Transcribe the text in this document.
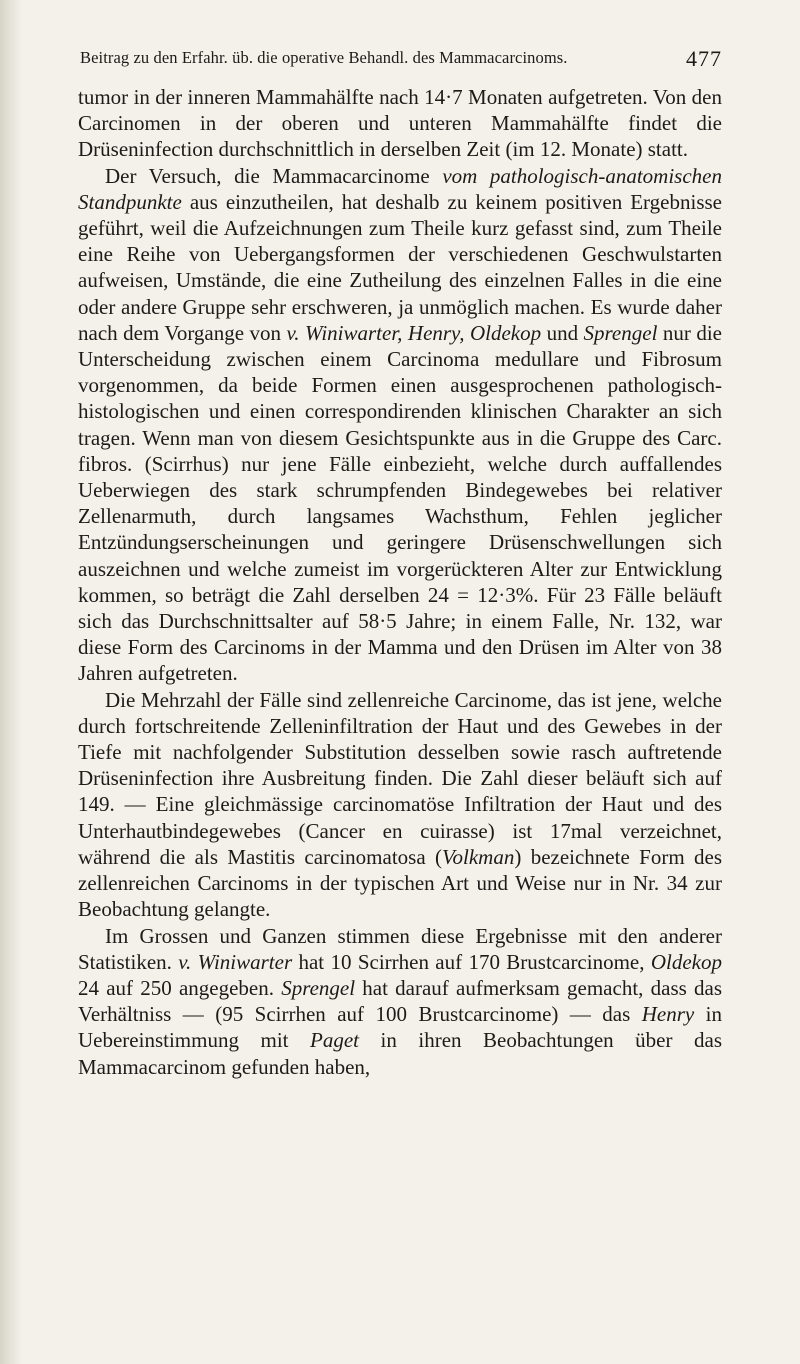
Beitrag zu den Erfahr. üb. die operative Behandl. des Mammacarcinoms.	477

tumor in der inneren Mammahälfte nach 14·7 Monaten aufgetreten. Von den Carcinomen in der oberen und unteren Mammahälfte findet die Drüseninfection durchschnittlich in derselben Zeit (im 12. Monate) statt.

Der Versuch, die Mammacarcinome vom pathologisch-anatomischen Standpunkte aus einzutheilen, hat deshalb zu keinem positiven Ergebnisse geführt, weil die Aufzeichnungen zum Theile kurz gefasst sind, zum Theile eine Reihe von Uebergangsformen der verschiedenen Geschwulstarten aufweisen, Umstände, die eine Zutheilung des einzelnen Falles in die eine oder andere Gruppe sehr erschweren, ja unmöglich machen. Es wurde daher nach dem Vorgange von v. Winiwarter, Henry, Oldekop und Sprengel nur die Unterscheidung zwischen einem Carcinoma medullare und Fibrosum vorgenommen, da beide Formen einen ausgesprochenen pathologisch-histologischen und einen correspondirenden klinischen Charakter an sich tragen. Wenn man von diesem Gesichtspunkte aus in die Gruppe des Carc. fibros. (Scirrhus) nur jene Fälle einbezieht, welche durch auffallendes Ueberwiegen des stark schrumpfenden Bindegewebes bei relativer Zellenarmuth, durch langsames Wachsthum, Fehlen jeglicher Entzündungserscheinungen und geringere Drüsenschwellungen sich auszeichnen und welche zumeist im vorgerückteren Alter zur Entwicklung kommen, so beträgt die Zahl derselben 24 = 12·3%. Für 23 Fälle beläuft sich das Durchschnittsalter auf 58·5 Jahre; in einem Falle, Nr. 132, war diese Form des Carcinoms in der Mamma und den Drüsen im Alter von 38 Jahren aufgetreten.

Die Mehrzahl der Fälle sind zellenreiche Carcinome, das ist jene, welche durch fortschreitende Zelleninfiltration der Haut und des Gewebes in der Tiefe mit nachfolgender Substitution desselben sowie rasch auftretende Drüseninfection ihre Ausbreitung finden. Die Zahl dieser beläuft sich auf 149. — Eine gleichmässige carcinomatöse Infiltration der Haut und des Unterhautbindegewebes (Cancer en cuirasse) ist 17mal verzeichnet, während die als Mastitis carcinomatosa (Volkman) bezeichnete Form des zellenreichen Carcinoms in der typischen Art und Weise nur in Nr. 34 zur Beobachtung gelangte.

Im Grossen und Ganzen stimmen diese Ergebnisse mit den anderer Statistiken. v. Winiwarter hat 10 Scirrhen auf 170 Brustcarcinome, Oldekop 24 auf 250 angegeben. Sprengel hat darauf aufmerksam gemacht, dass das Verhältniss — (95 Scirrhen auf 100 Brustcarcinome) — das Henry in Uebereinstimmung mit Paget in ihren Beobachtungen über das Mammacarcinom gefunden haben,
